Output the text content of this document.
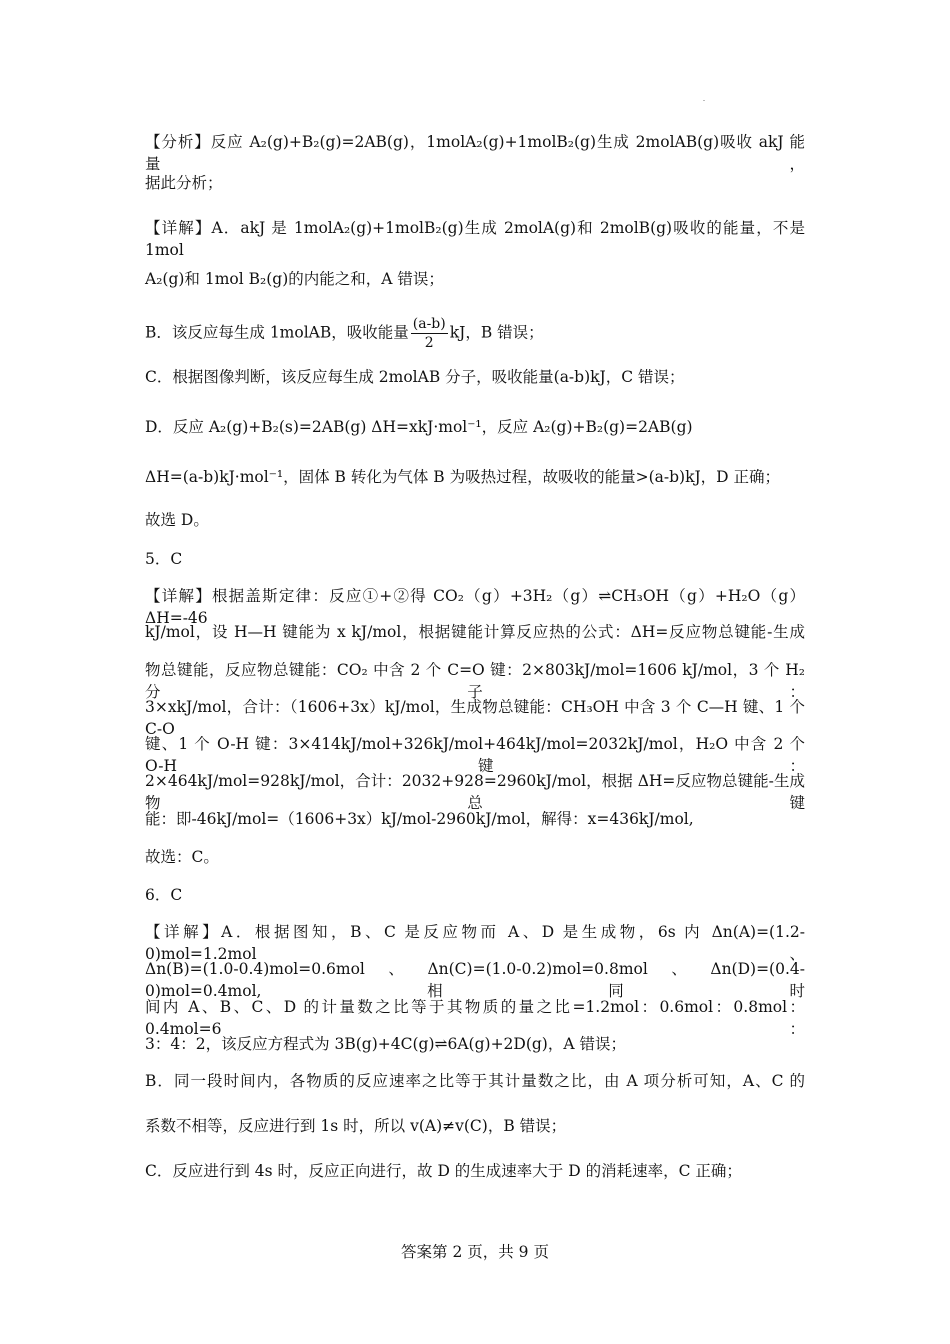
【分析】反应 A₂(g)+B₂(g)=2AB(g)，1molA₂(g)+1molB₂(g)生成 2molAB(g)吸收 akJ 能量，
据此分析；
【详解】A．akJ 是 1molA₂(g)+1molB₂(g)生成 2molA(g)和 2molB(g)吸收的能量，不是 1mol
A₂(g)和 1mol B₂(g)的内能之和，A 错误；
B．该反应每生成 1molAB，吸收能量 $\frac{(a-b)}{2}$ kJ，B 错误；
C．根据图像判断，该反应每生成 2molAB 分子，吸收能量(a-b)kJ，C 错误；
D．反应 A₂(g)+B₂(s)=2AB(g) ΔH=xkJ·mol⁻¹，反应 A₂(g)+B₂(g)=2AB(g)
ΔH=(a-b)kJ·mol⁻¹，固体 B 转化为气体 B 为吸热过程，故吸收的能量>(a-b)kJ，D 正确；
故选 D。
5．C
【详解】根据盖斯定律：反应①+②得 CO₂（g）+3H₂（g）⇌CH₃OH（g）+H₂O（g）ΔH=-46
kJ/mol，设 H—H 键能为 x kJ/mol，根据键能计算反应热的公式：ΔH=反应物总键能-生成
物总键能，反应物总键能：CO₂ 中含 2 个 C=O 键：2×803kJ/mol=1606 kJ/mol，3 个 H₂ 分子：
3×xkJ/mol，合计：（1606+3x）kJ/mol，生成物总键能：CH₃OH 中含 3 个 C—H 键、1 个 C-O
键、1 个 O-H 键：3×414kJ/mol+326kJ/mol+464kJ/mol=2032kJ/mol，H₂O 中含 2 个 O-H 键：
2×464kJ/mol=928kJ/mol，合计：2032+928=2960kJ/mol，根据 ΔH=反应物总键能-生成物总键
能：即-46kJ/mol=（1606+3x）kJ/mol-2960kJ/mol，解得：x=436kJ/mol,
故选：C。
6．C
【详解】A．根据图知，B、C 是反应物而 A、D 是生成物，6s 内 Δn(A)=(1.2-0)mol=1.2mol、
Δn(B)=(1.0-0.4)mol=0.6mol、Δn(C)=(1.0-0.2)mol=0.8mol、Δn(D)=(0.4-0)mol=0.4mol,相同时
间内 A、B、C、D 的计量数之比等于其物质的量之比=1.2mol：0.6mol：0.8mol：0.4mol=6：
3：4：2，该反应方程式为 3B(g)+4C(g)⇌6A(g)+2D(g)，A 错误；
B．同一段时间内，各物质的反应速率之比等于其计量数之比，由 A 项分析可知，A、C 的
系数不相等，反应进行到 1s 时，所以 v(A)≠v(C)，B 错误；
C．反应进行到 4s 时，反应正向进行，故 D 的生成速率大于 D 的消耗速率，C 正确；
答案第 2 页，共 9 页
